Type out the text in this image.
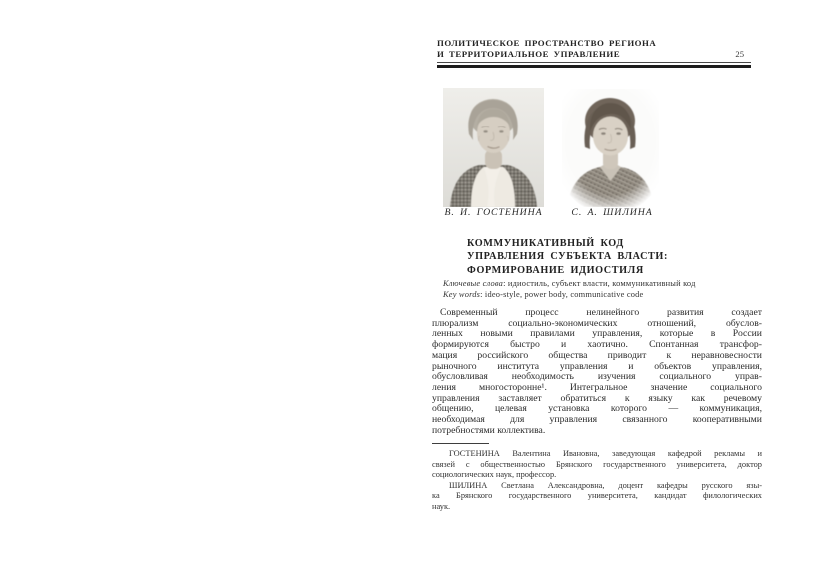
ПОЛИТИЧЕСКОЕ ПРОСТРАНСТВО РЕГИОНА
И ТЕРРИТОРИАЛЬНОЕ УПРАВЛЕНИЕ	25
В. И. ГОСТЕНИНА	С. А. ШИЛИНА
КОММУНИКАТИВНЫЙ КОД
УПРАВЛЕНИЯ СУБЪЕКТА ВЛАСТИ:
ФОРМИРОВАНИЕ ИДИОСТИЛЯ
Ключевые слова: идиостиль, субъект власти, коммуникативный код
Key words: ideo-style, power body, communicative code
Современный процесс нелинейного развития создает
плюрализм социально-экономических отношений, обуслов-
ленных новыми правилами управления, которые в России
формируются быстро и хаотично. Спонтанная трансфор-
мация российского общества приводит к неравновесности
рыночного института управления и объектов управления,
обусловливая необходимость изучения социального управ-
ления многосторонне¹. Интегральное значение социального
управления заставляет обратиться к языку как речевому
общению, целевая установка которого — коммуникация,
необходимая для управления связанного кооперативными
потребностями коллектива.
ГОСТЕНИНА Валентина Ивановна, заведующая кафедрой рекламы и
связей с общественностью Брянского государственного университета, доктор
социологических наук, профессор.
ШИЛИНА Светлана Александровна, доцент кафедры русского язы-
ка Брянского государственного университета, кандидат филологических
наук.
